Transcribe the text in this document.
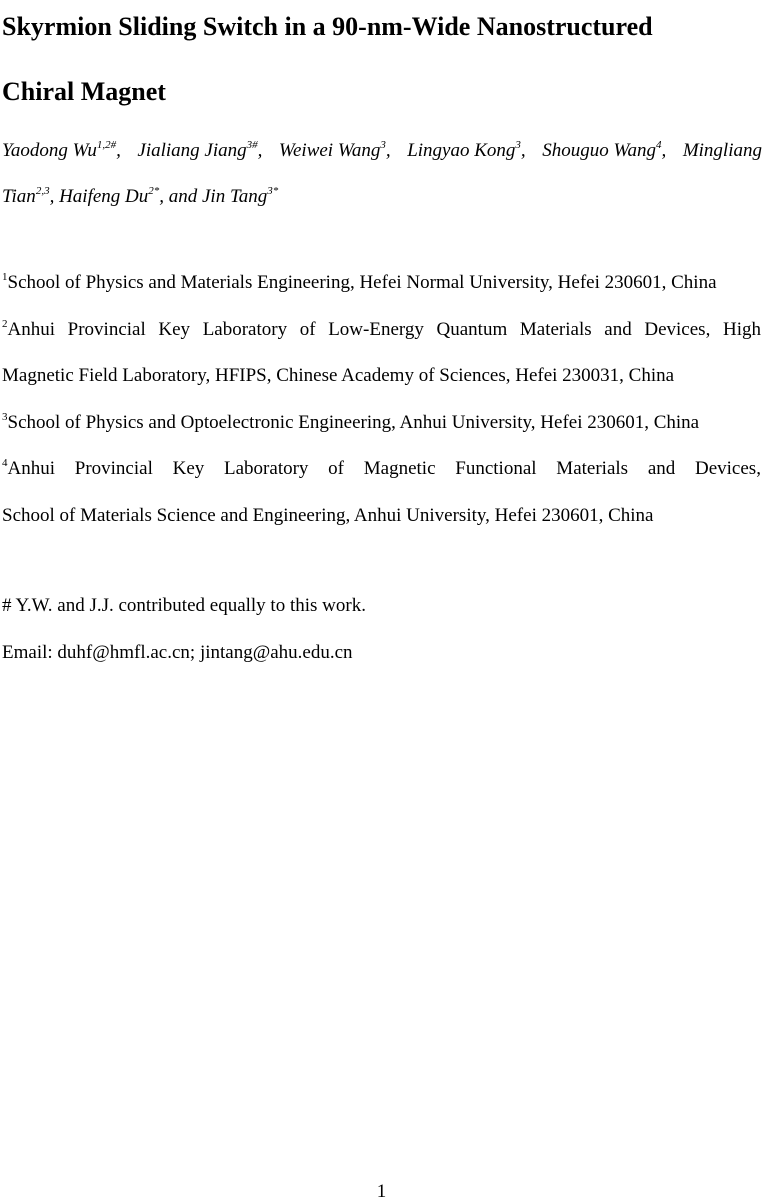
Skyrmion Sliding Switch in a 90-nm-Wide Nanostructured
Chiral Magnet
Yaodong $Wu^{1,2\#}$, Jialiang Jiang$^{3\#}$, Weiwei Wang$^3$, Lingyao Kong$^3$, Shouguo Wang$^4$, Mingliang
Tian$^{2,3}$, Haifeng $Du^{2*}$, and Jin Tang$^{3*}$
$^1$School of Physics and Materials Engineering, Hefei Normal University, Hefei 230601, China
$^2$Anhui Provincial Key Laboratory of Low-Energy Quantum Materials and Devices, High
Magnetic Field Laboratory, HFIPS, Chinese Academy of Sciences, Hefei 230031, China
$^3$School of Physics and Optoelectronic Engineering, Anhui University, Hefei 230601, China
$^4$Anhui Provincial Key Laboratory of Magnetic Functional Materials and Devices,
School of Materials Science and Engineering, Anhui University, Hefei 230601, China
# Y.W. and J.J. contributed equally to this work.
Email: duhf@hmfl.ac.cn; jintang@ahu.edu.cn
1
